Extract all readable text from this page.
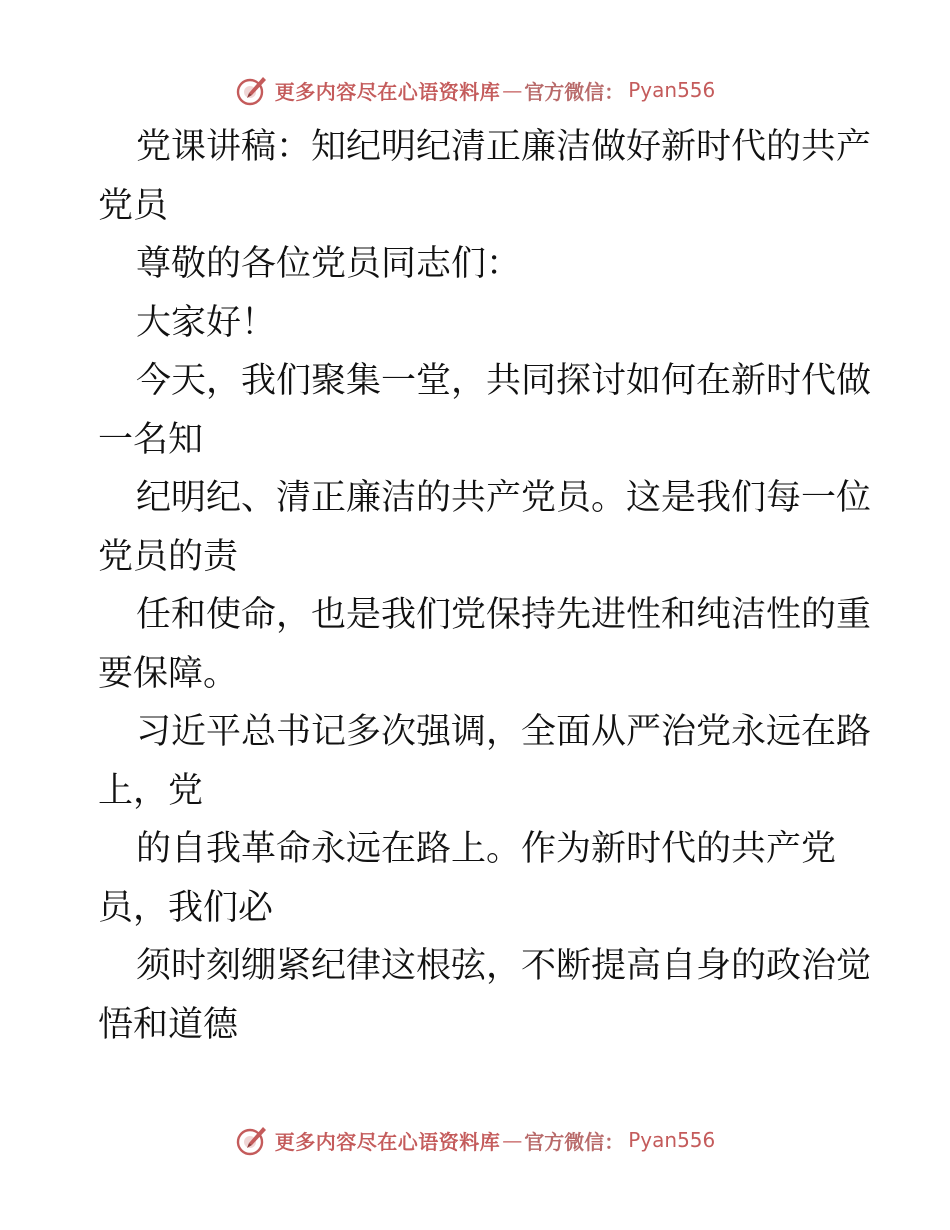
更多内容尽在心语资料库 — 官方微信： Pyan556
党课讲稿：知纪明纪清正廉洁做好新时代的共产
党员
尊敬的各位党员同志们：
大家好！
今天，我们聚集一堂，共同探讨如何在新时代做
一名知
纪明纪、清正廉洁的共产党员。这是我们每一位
党员的责
任和使命，也是我们党保持先进性和纯洁性的重
要保障。
习近平总书记多次强调，全面从严治党永远在路
上，党
的自我革命永远在路上。作为新时代的共产党
员，我们必
须时刻绷紧纪律这根弦，不断提高自身的政治觉
悟和道德
更多内容尽在心语资料库 — 官方微信： Pyan556
